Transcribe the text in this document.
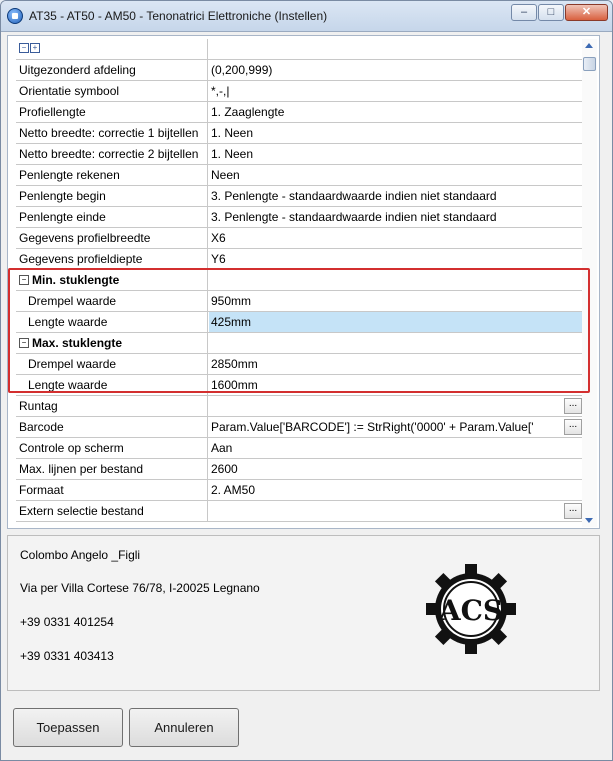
AT35 - AT50 - AM50 - Tenonatrici Elettroniche (Instellen)	–	□	✕
− +
Uitgezonderd afdeling	(0,200,999)
Orientatie symbool	*,-,|
Profiellengte	1. Zaaglengte
Netto breedte: correctie 1 bijtellen	1. Neen
Netto breedte: correctie 2 bijtellen	1. Neen
Penlengte rekenen	Neen
Penlengte begin	3. Penlengte - standaardwaarde indien niet standaard
Penlengte einde	3. Penlengte - standaardwaarde indien niet standaard
Gegevens profielbreedte	X6
Gegevens profieldiepte	Y6
− Min. stuklengte
Drempel waarde	950mm
Lengte waarde	425mm
− Max. stuklengte
Drempel waarde	2850mm
Lengte waarde	1600mm
Runtag	...
Barcode	Param.Value['BARCODE'] := StrRight('0000' + Param.Value['	...
Controle op scherm	Aan
Max. lijnen per bestand	2600
Formaat	2. AM50
Extern selectie bestand	...
Colombo Angelo _Figli
Via per Villa Cortese 76/78, I-20025 Legnano
+39 0331 401254
+39 0331 403413
ACS
Toepassen	Annuleren
